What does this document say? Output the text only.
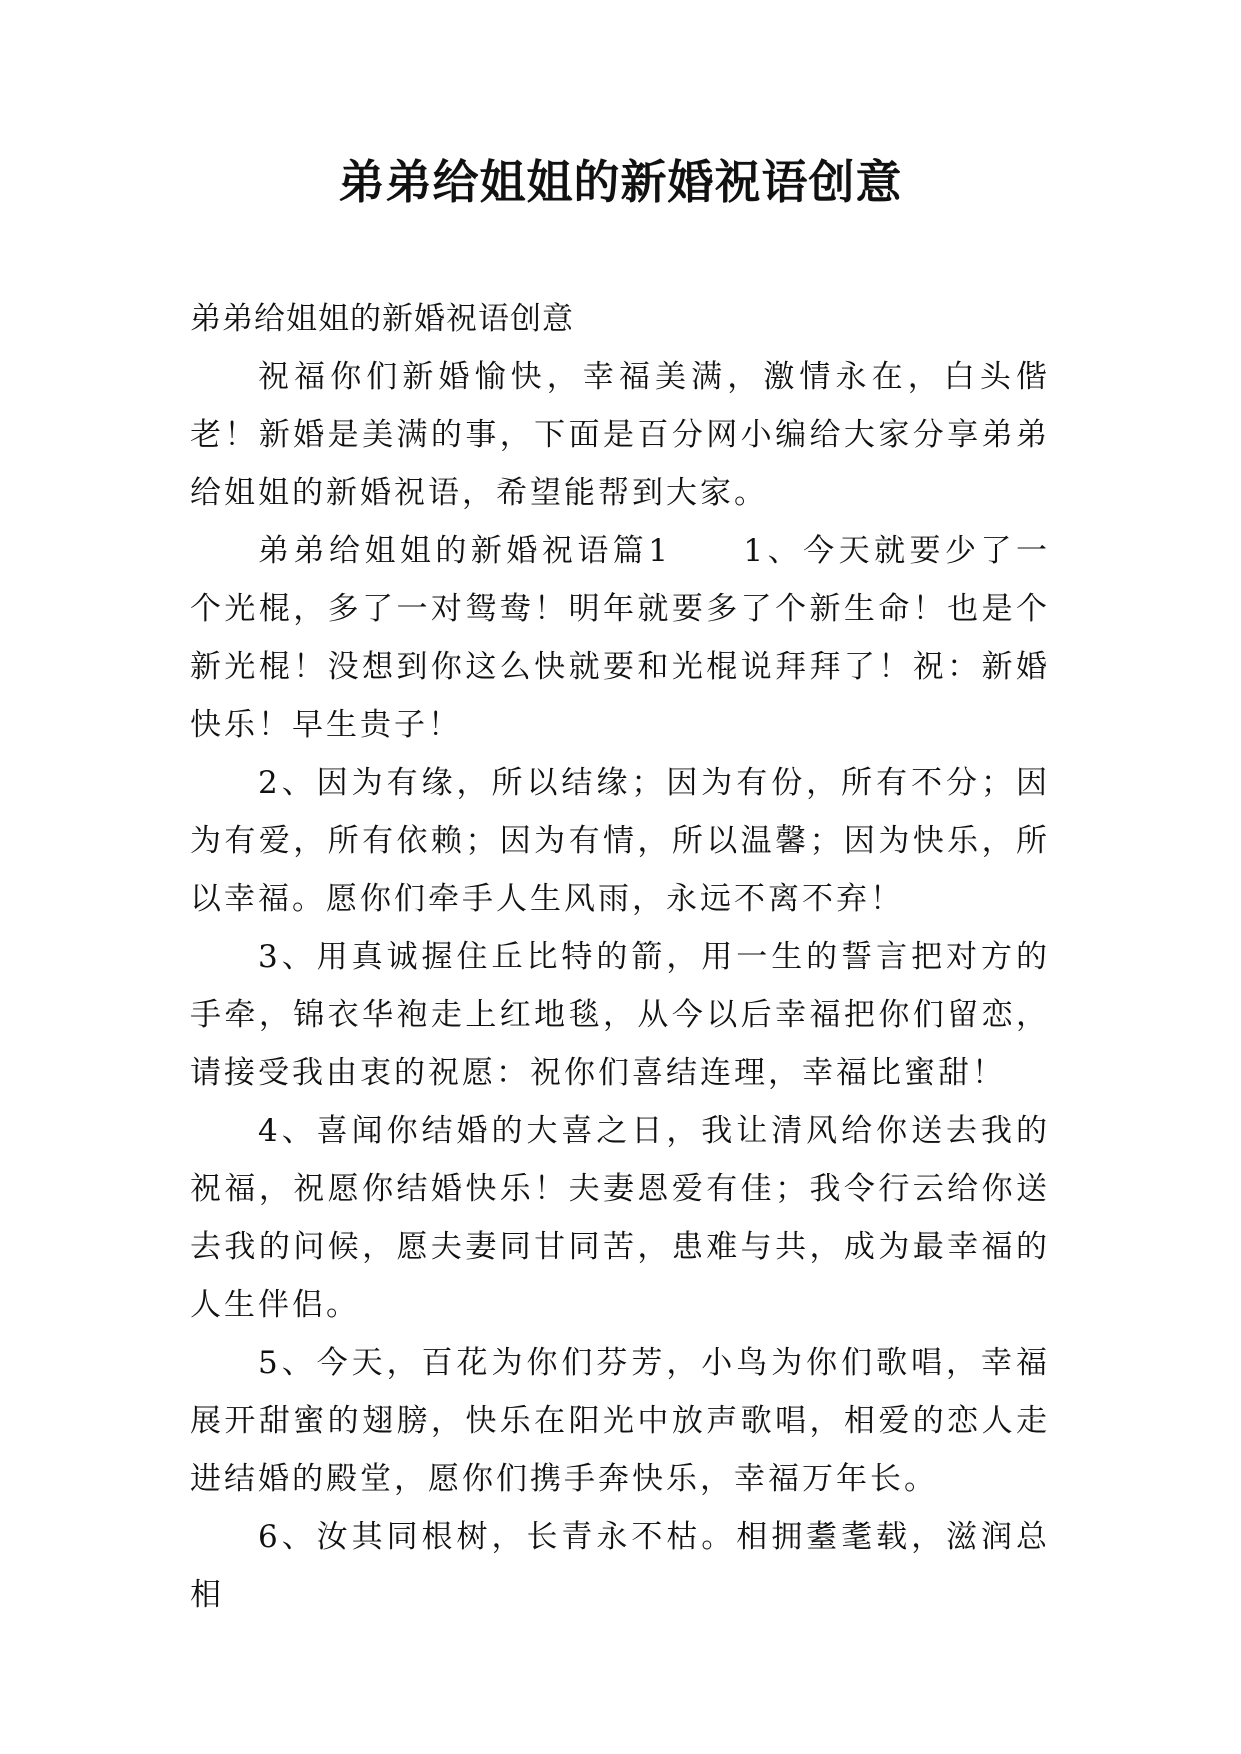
弟弟给姐姐的新婚祝语创意

弟弟给姐姐的新婚祝语创意

祝福你们新婚愉快，幸福美满，激情永在，白头偕老！新婚是美满的事，下面是百分网小编给大家分享弟弟给姐姐的新婚祝语，希望能帮到大家。

弟弟给姐姐的新婚祝语篇1　　1、今天就要少了一个光棍，多了一对鸳鸯！明年就要多了个新生命！也是个新光棍！没想到你这么快就要和光棍说拜拜了！祝：新婚快乐！早生贵子！

2、因为有缘，所以结缘；因为有份，所有不分；因为有爱，所有依赖；因为有情，所以温馨；因为快乐，所以幸福。愿你们牵手人生风雨，永远不离不弃！

3、用真诚握住丘比特的箭，用一生的誓言把对方的手牵，锦衣华袍走上红地毯，从今以后幸福把你们留恋，请接受我由衷的祝愿：祝你们喜结连理，幸福比蜜甜！

4、喜闻你结婚的大喜之日，我让清风给你送去我的祝福，祝愿你结婚快乐！夫妻恩爱有佳；我令行云给你送去我的问候，愿夫妻同甘同苦，患难与共，成为最幸福的人生伴侣。

5、今天，百花为你们芬芳，小鸟为你们歌唱，幸福展开甜蜜的翅膀，快乐在阳光中放声歌唱，相爱的恋人走进结婚的殿堂，愿你们携手奔快乐，幸福万年长。

6、汝其同根树，长青永不枯。相拥耋耄载，滋润总相
